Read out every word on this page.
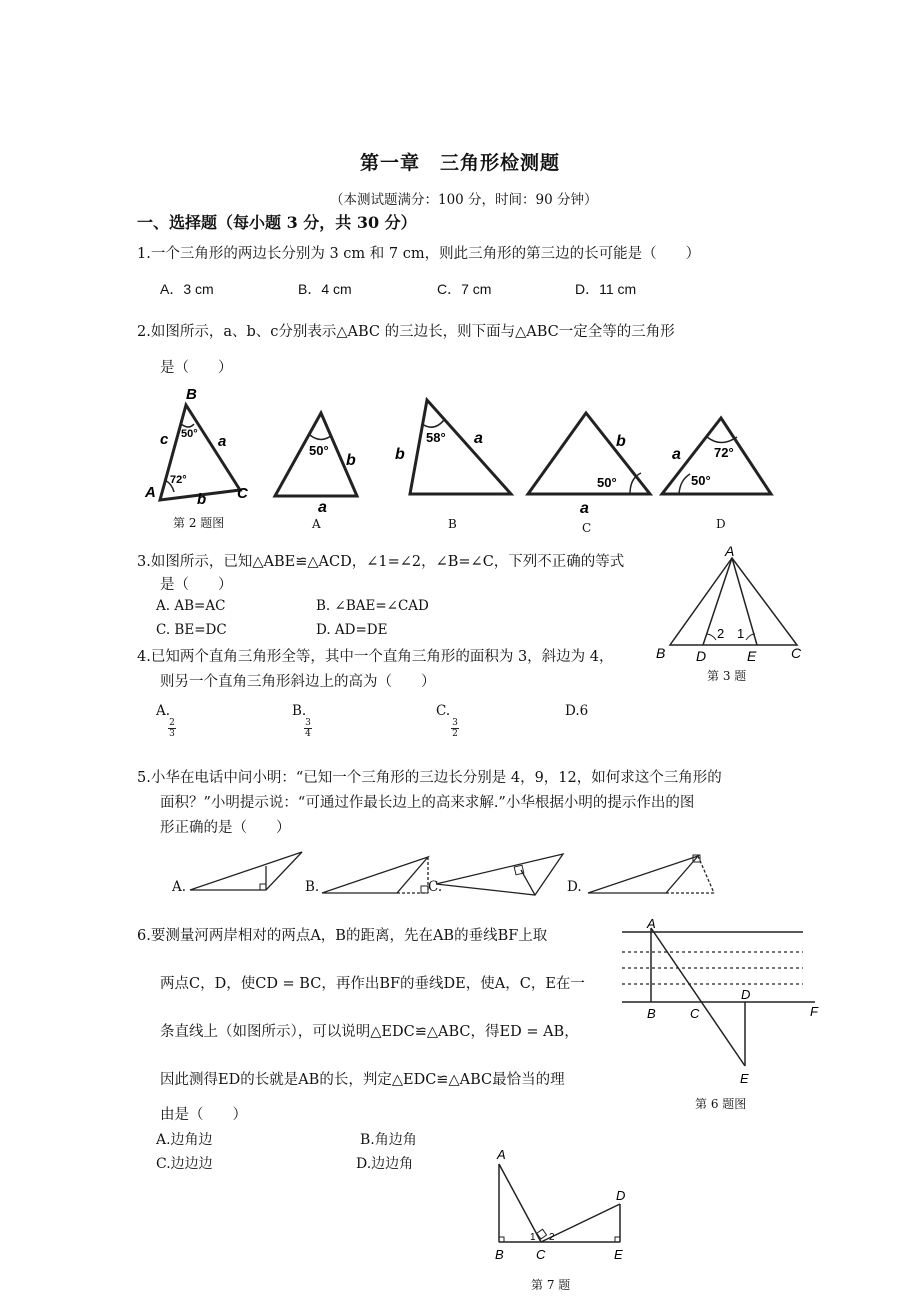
第一章　三角形检测题
（本测试题满分：100 分，时间：90 分钟）
一、选择题（每小题 3 分，共 30 分）
1.一个三角形的两边长分别为 3 cm 和 7 cm，则此三角形的第三边的长可能是（　　）
A．3 cm	B．4 cm	C．7 cm	D．11 cm
2.如图所示，a、b、c分别表示△ABC 的三边长，则下面与△ABC一定全等的三角形
是（　　）
B
A	C
c	a
b
50°
72°
50°
b
a
58°
b
a
50°
b
a
72°
50°
a
第 2 题图	A	B	C	D
3.如图所示，已知△ABE≌△ACD，∠1=∠2，∠B=∠C，下列不正确的等式
是（　　）
A. AB=AC	B. ∠BAE=∠CAD
C. BE=DC	D. AD=DE
A
B D	E C
2 1
第 3 题
4.已知两个直角三角形全等，其中一个直角三角形的面积为 3，斜边为 4，
则另一个直角三角形斜边上的高为（　　）
A.
2
3
B.
3
4
C.
3
2
D.6
5.小华在电话中问小明：“已知一个三角形的三边长分别是 4，9，12，如何求这个三角形的
面积？”小明提示说：“可通过作最长边上的高来求解.”小华根据小明的提示作出的图
形正确的是（　　）
A.	B.	C.	D.
6.要测量河两岸相对的两点A，B的距离，先在AB的垂线BF上取
两点C，D，使CD = BC，再作出BF的垂线DE，使A，C，E在一
条直线上（如图所示），可以说明△EDC≌△ABC，得ED = AB，
因此测得ED的长就是AB的长，判定△EDC≌△ABC最恰当的理
由是（　　）
A.边角边	B.角边角
C.边边边	D.边边角
A
B	C
D
E
F
第 6 题图
A
B C
D
E
1 2
第 7 题
